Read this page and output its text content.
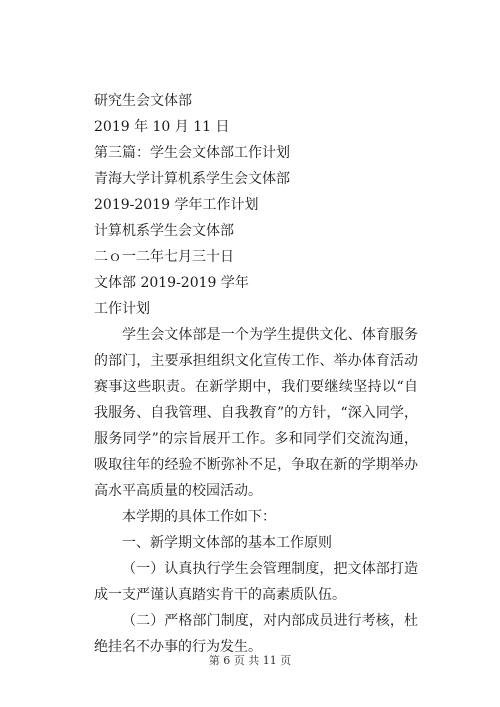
研究生会文体部
2019 年 10 月 11 日
第三篇：学生会文体部工作计划
青海大学计算机系学生会文体部
2019-2019 学年工作计划
计算机系学生会文体部
二ｏ一二年七月三十日
文体部 2019-2019 学年
工作计划

学生会文体部是一个为学生提供文化、体育服务的部门，主要承担组织文化宣传工作、举办体育活动赛事这些职责。在新学期中，我们要继续坚持以“自我服务、自我管理、自我教育”的方针，“深入同学，服务同学”的宗旨展开工作。多和同学们交流沟通，吸取往年的经验不断弥补不足，争取在新的学期举办高水平高质量的校园活动。

本学期的具体工作如下：

一、新学期文体部的基本工作原则

（一）认真执行学生会管理制度，把文体部打造成一支严谨认真踏实肯干的高素质队伍。

（二）严格部门制度，对内部成员进行考核，杜绝挂名不办事的行为发生。

第 6 页 共 11 页
